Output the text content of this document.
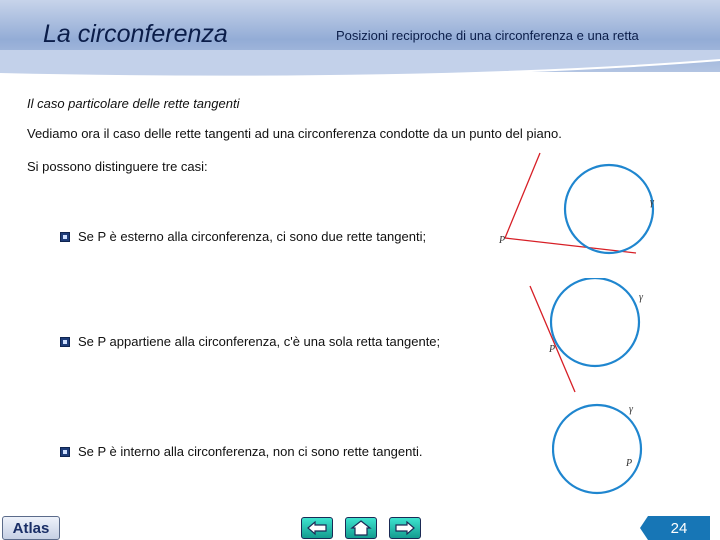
La circonferenza	Posizioni reciproche di una circonferenza e una retta
Il caso particolare delle rette tangenti
Vediamo ora il caso delle rette tangenti ad una circonferenza condotte da un punto del piano.
Si possono distinguere tre casi:
Se P è esterno alla circonferenza, ci sono due rette tangenti;
Se P appartiene alla circonferenza, c'è una sola retta tangente;
Se P è interno alla circonferenza, non ci sono rette tangenti.
P
γ
P
γ
P
γ
Atlas	24
